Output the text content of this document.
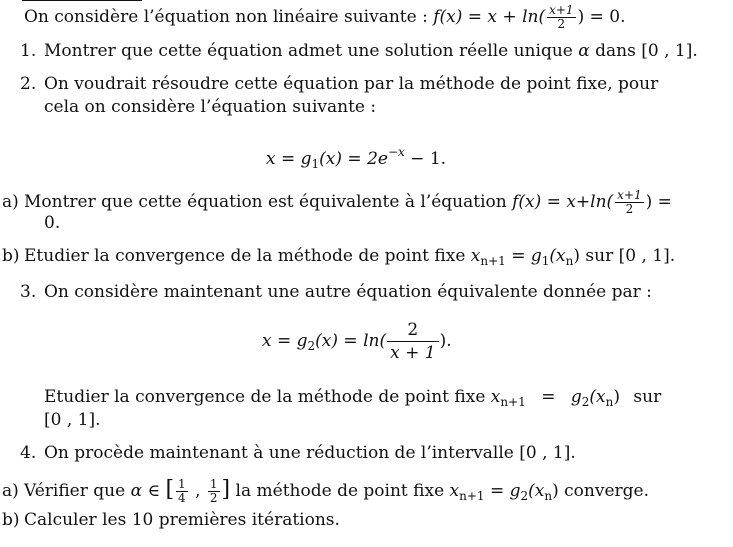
On considère l’équation non linéaire suivante : $f(x) = x + \ln( \frac{x+1}{2}$ ) = 0.
1. Montrer que cette équation admet une solution réelle unique α dans [0 , 1].
2. On voudrait résoudre cette équation par la méthode de point fixe, pour
cela on considère l’équation suivante :
$x = g_1(x) = 2e^{-x} - 1$.
a) Montrer que cette équation est équivalente à l’équation $f(x) = x+\ln( \frac{x+1}{2}$ ) =
0.
b) Etudier la convergence de la méthode de point fixe $x_{n+1} = g_1(x_n)$ sur [0 , 1].
3. On considère maintenant une autre équation équivalente donnée par :
$x = g_2(x) = \ln( \frac{2}{x + 1}$ ).
Etudier la convergence de la méthode de point fixe $x_{n+1} = g_2(x_n)$ sur
[0 , 1].
4. On procède maintenant à une réduction de l’intervalle [0 , 1].
a) Vérifier que α ∈ [ $\frac{1}{4}$ , $\frac{1}{2}$ ] la méthode de point fixe $x_{n+1} = g_2(x_n)$ converge.
b) Calculer les 10 premières itérations.
